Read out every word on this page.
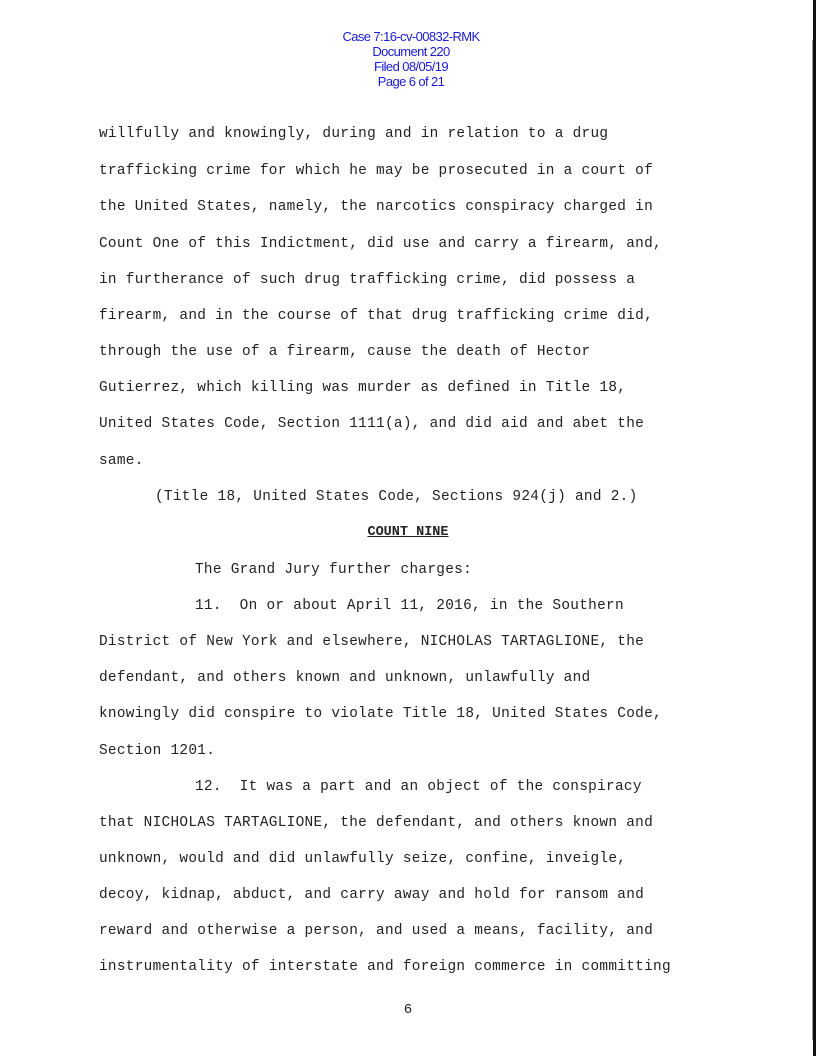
Case 7:16-cv-00832-RMK
Document 220
Filed 08/05/19
Page 6 of 21

willfully and knowingly, during and in relation to a drug
trafficking crime for which he may be prosecuted in a court of
the United States, namely, the narcotics conspiracy charged in
Count One of this Indictment, did use and carry a firearm, and,
in furtherance of such drug trafficking crime, did possess a
firearm, and in the course of that drug trafficking crime did,
through the use of a firearm, cause the death of Hector
Gutierrez, which killing was murder as defined in Title 18,
United States Code, Section 1111(a), and did aid and abet the
same.
(Title 18, United States Code, Sections 924(j) and 2.)
COUNT NINE
The Grand Jury further charges:
11.  On or about April 11, 2016, in the Southern
District of New York and elsewhere, NICHOLAS TARTAGLIONE, the
defendant, and others known and unknown, unlawfully and
knowingly did conspire to violate Title 18, United States Code,
Section 1201.
12.  It was a part and an object of the conspiracy
that NICHOLAS TARTAGLIONE, the defendant, and others known and
unknown, would and did unlawfully seize, confine, inveigle,
decoy, kidnap, abduct, and carry away and hold for ransom and
reward and otherwise a person, and used a means, facility, and
instrumentality of interstate and foreign commerce in committing
6
